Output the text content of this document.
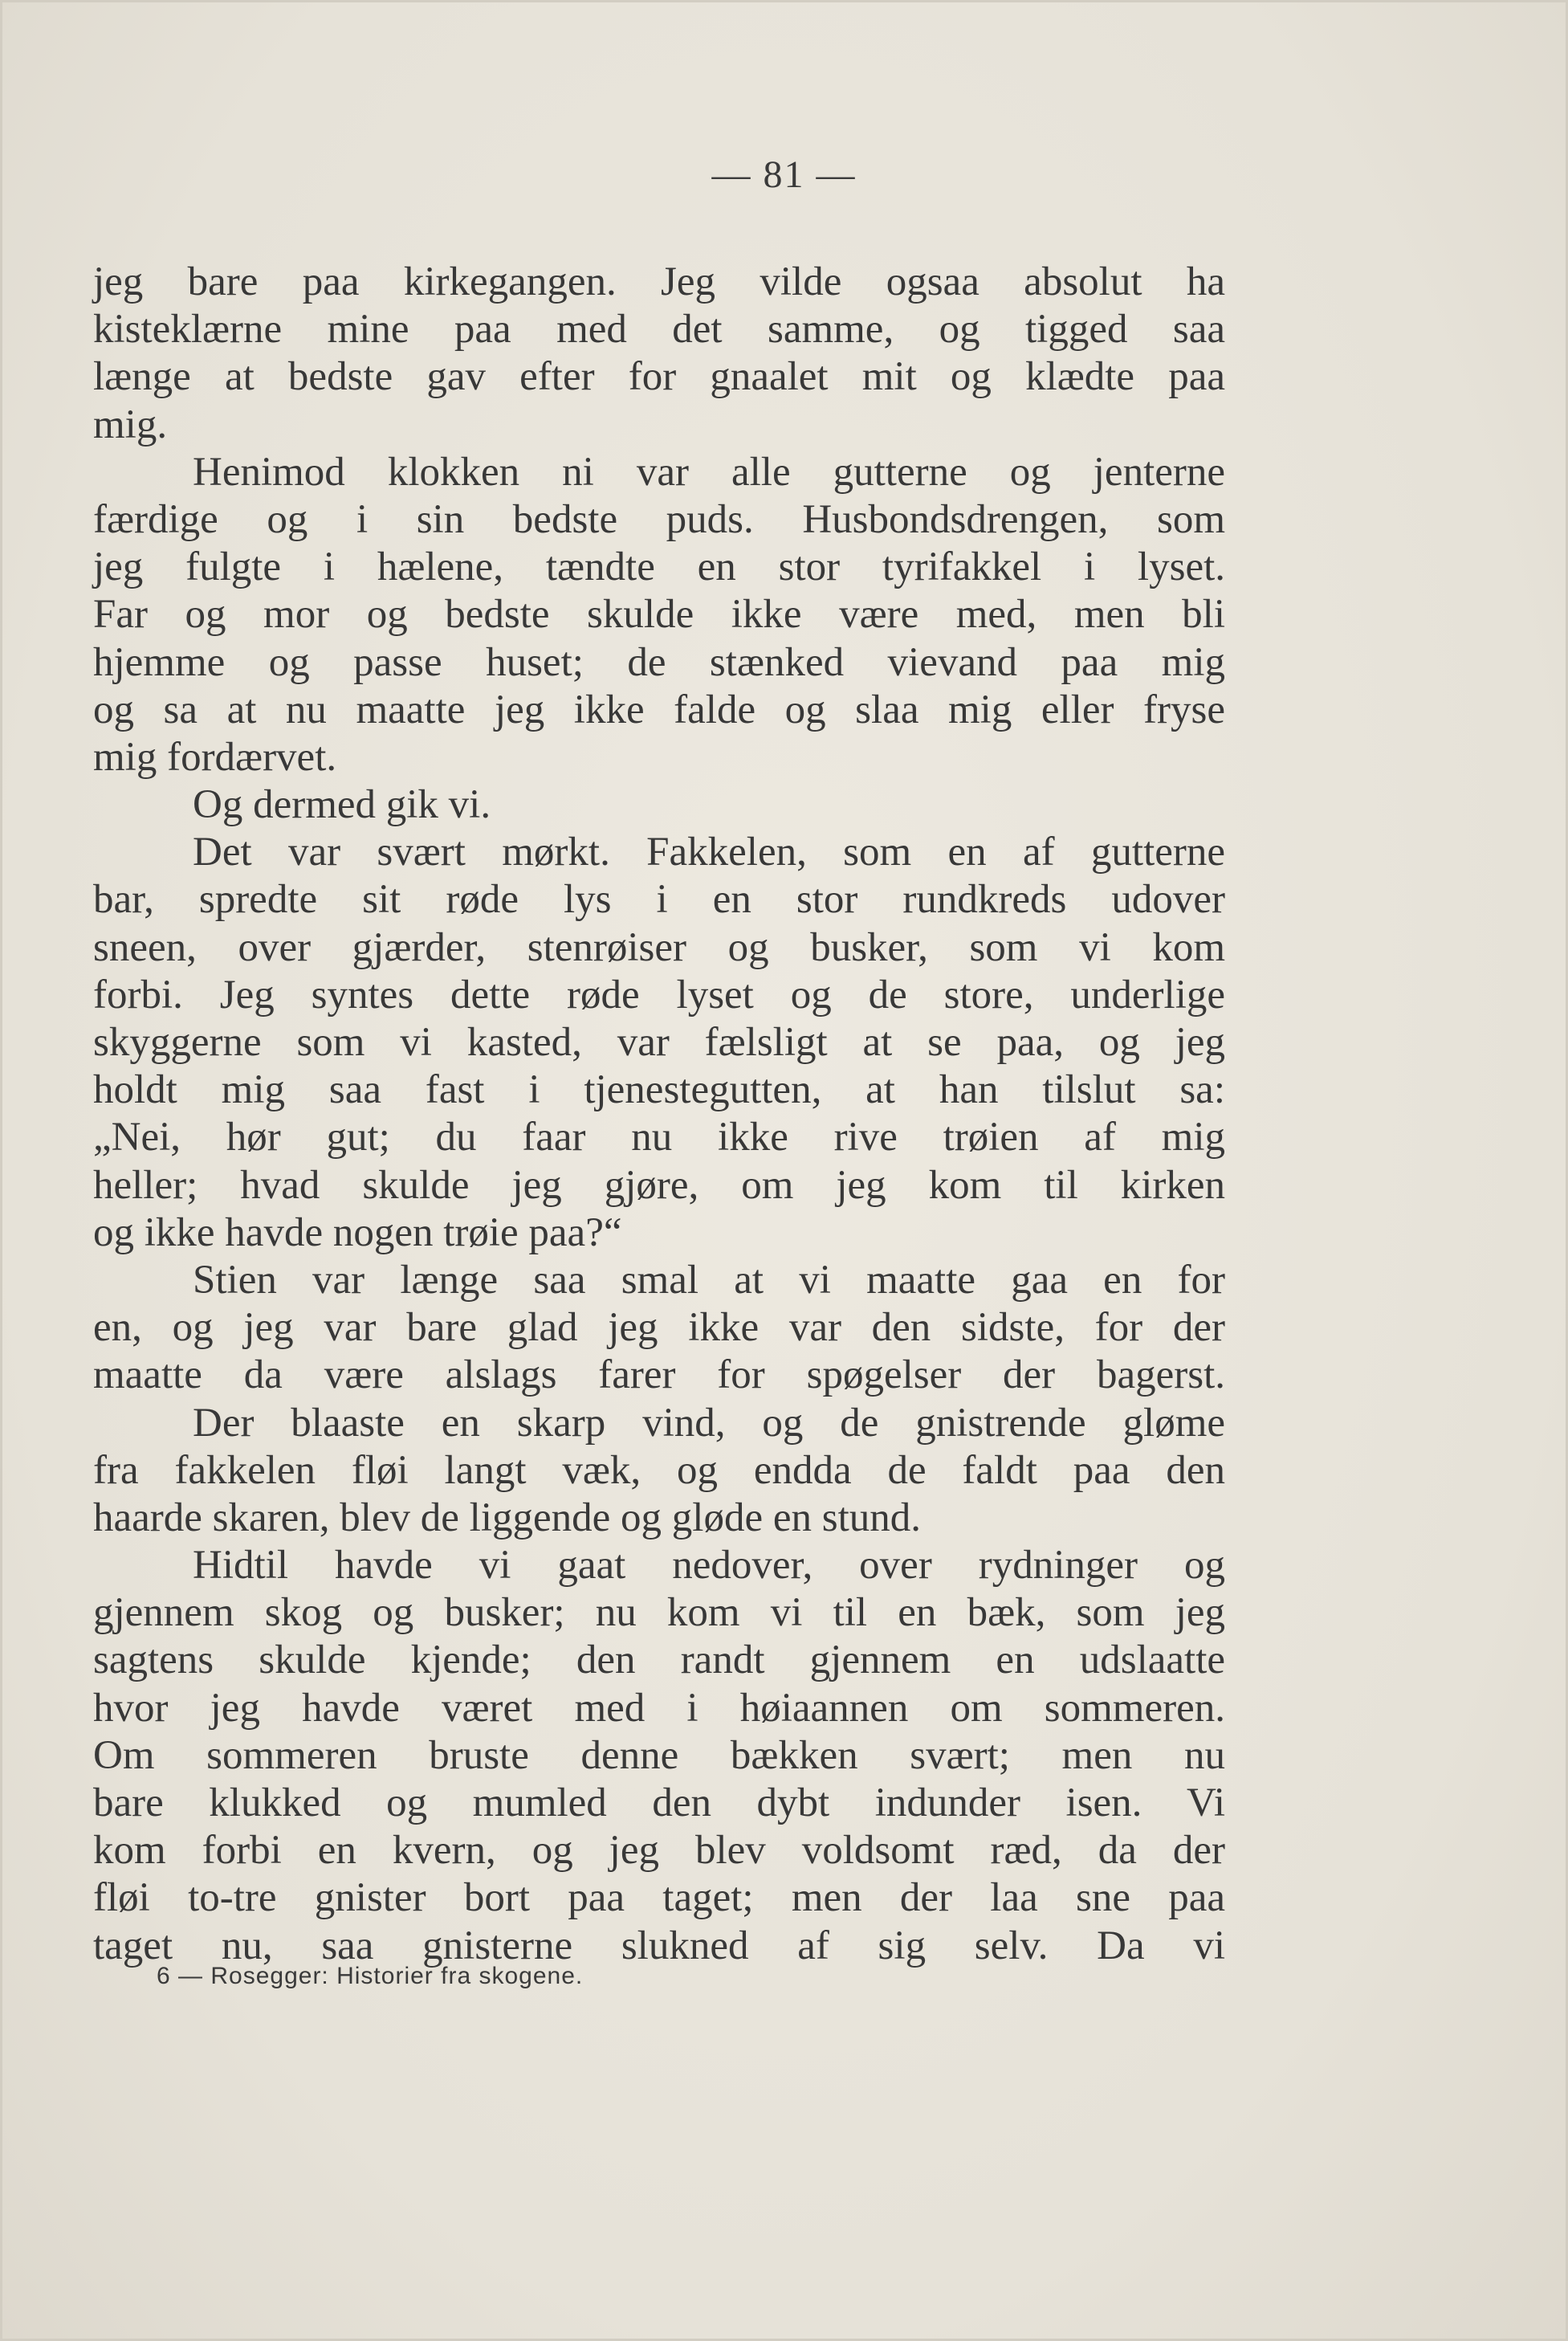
— 81 —
jeg bare paa kirkegangen. Jeg vilde ogsaa absolut ha
kisteklærne mine paa med det samme, og tigged saa
længe at bedste gav efter for gnaalet mit og klædte paa
mig.
Henimod klokken ni var alle gutterne og jenterne
færdige og i sin bedste puds. Husbondsdrengen, som
jeg fulgte i hælene, tændte en stor tyrifakkel i lyset.
Far og mor og bedste skulde ikke være med, men bli
hjemme og passe huset; de stænked vievand paa mig
og sa at nu maatte jeg ikke falde og slaa mig eller fryse
mig fordærvet.
Og dermed gik vi.
Det var svært mørkt. Fakkelen, som en af gutterne
bar, spredte sit røde lys i en stor rundkreds udover
sneen, over gjærder, stenrøiser og busker, som vi kom
forbi. Jeg syntes dette røde lyset og de store, underlige
skyggerne som vi kasted, var fælsligt at se paa, og jeg
holdt mig saa fast i tjenestegutten, at han tilslut sa:
„Nei, hør gut; du faar nu ikke rive trøien af mig
heller; hvad skulde jeg gjøre, om jeg kom til kirken
og ikke havde nogen trøie paa?“
Stien var længe saa smal at vi maatte gaa en for
en, og jeg var bare glad jeg ikke var den sidste, for der
maatte da være alslags farer for spøgelser der bagerst.
Der blaaste en skarp vind, og de gnistrende gløme
fra fakkelen fløi langt væk, og endda de faldt paa den
haarde skaren, blev de liggende og gløde en stund.
Hidtil havde vi gaat nedover, over rydninger og
gjennem skog og busker; nu kom vi til en bæk, som jeg
sagtens skulde kjende; den randt gjennem en udslaatte
hvor jeg havde været med i høiaannen om sommeren.
Om sommeren bruste denne bækken svært; men nu
bare klukked og mumled den dybt indunder isen. Vi
kom forbi en kvern, og jeg blev voldsomt ræd, da der
fløi to-tre gnister bort paa taget; men der laa sne paa
taget nu, saa gnisterne slukned af sig selv. Da vi
6 — Rosegger: Historier fra skogene.
